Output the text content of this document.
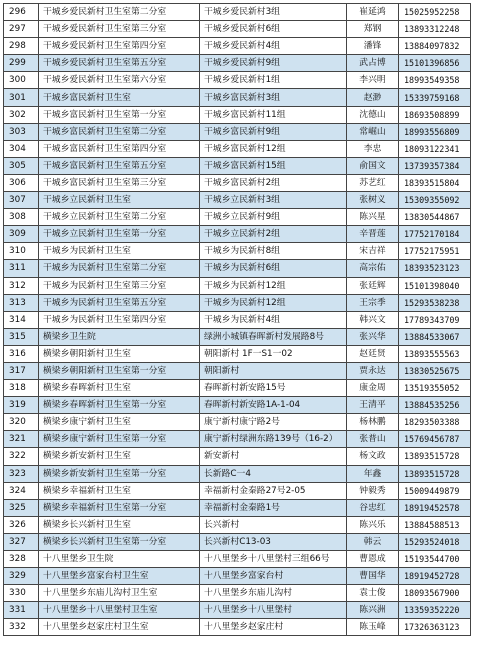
296	干城乡爱民新村卫生室第二分室	干城乡爱民新村3组	崔延鸿	15025952258
297	干城乡爱民新村卫生室第三分室	干城乡爱民新村6组	郑钢	13893312248
298	干城乡爱民新村卫生室第四分室	干城乡爱民新村4组	潘锋	13884097832
299	干城乡爱民新村卫生室第五分室	干城乡爱民新村9组	武占博	15101396856
300	干城乡爱民新村卫生室第六分室	干城乡爱民新村1组	李兴明	18993549358
301	干城乡富民新村卫生室	干城乡富民新村3组	赵渺	15339759168
302	干城乡富民新村卫生室第一分室	干城乡富民新村11组	沈德山	18693508899
303	干城乡富民新村卫生室第二分室	干城乡富民新村9组	常崛山	18993556809
304	干城乡富民新村卫生室第四分室	干城乡富民新村12组	李忠	18093122341
305	干城乡富民新村卫生室第五分室	干城乡富民新村15组	俞国文	13739357384
306	干城乡富民新村卫生室第三分室	干城乡富民新村2组	苏艺红	18393515804
307	干城乡立民新村卫生室	干城乡立民新村3组	张树义	15309355092
308	干城乡立民新村卫生室第二分室	干城乡立民新村9组	陈兴星	13830544867
309	干城乡立民新村卫生室第一分室	干城乡立民新村2组	辛晋莲	17752170184
310	干城乡为民新村卫生室	干城乡为民新村8组	宋吉祥	17752175951
311	干城乡为民新村卫生室第二分室	干城乡为民新村6组	高宗佑	18393523123
312	干城乡为民新村卫生室第三分室	干城乡为民新村12组	张廷辉	15101398040
313	干城乡为民新村卫生室第五分室	干城乡为民新村12组	王宗季	15293538238
314	干城乡为民新村卫生室第四分室	干城乡为民新村4组	韩兴文	17789343709
315	横梁乡卫生院	绿洲小城镇春晖新村发展路8号	张兴华	13884533067
316	横梁乡朝阳新村卫生室	朝阳新村 1F一S1一02	赵廷贤	13893555563
317	横梁乡朝阳新村卫生室第一分室	朝阳新村	贾永达	13830525675
318	横梁乡春晖新村卫生室	春晖新村新安路15号	康金周	13519355052
319	横梁乡春晖新村卫生室第一分室	春晖新村新安路1A-1-04	王清平	13884535256
320	横梁乡康宁新村卫生室	康宁新村康宁路2号	杨林鹏	18293503388
321	横梁乡康宁新村卫生室第一分室	康宁新村绿洲东路139号（16-2）	张普山	15769456787
322	横梁乡新安新村卫生室	新安新村	杨文政	13893515728
323	横梁乡新安新村卫生室第一分室	长新路C一4	年鑫	13893515728
324	横梁乡幸福新村卫生室	幸福新村金秦路27号2-05	钟毅秀	15009449879
325	横梁乡幸福新村卫生室第一分室	幸福新村金秦路1号	谷忠红	18919452578
326	横梁乡长兴新村卫生室	长兴新村	陈兴乐	13884588513
327	横梁乡长兴新村卫生室第一分室	长兴新村C13-03	韩云	15293524018
328	十八里堡乡卫生院	十八里堡乡十八里堡村三组66号	曹恩成	15193544700
329	十八里堡乡富家台村卫生室	十八里堡乡富家台村	曹国华	18919452728
330	十八里堡乡东庙儿沟村卫生室	十八里堡乡东庙儿沟村	袁士俊	18093567900
331	十八里堡乡十八里堡村卫生室	十八里堡乡十八里堡村	陈兴洲	13359352220
332	十八里堡乡赵家庄村卫生室	十八里堡乡赵家庄村	陈玉峰	17326363123
